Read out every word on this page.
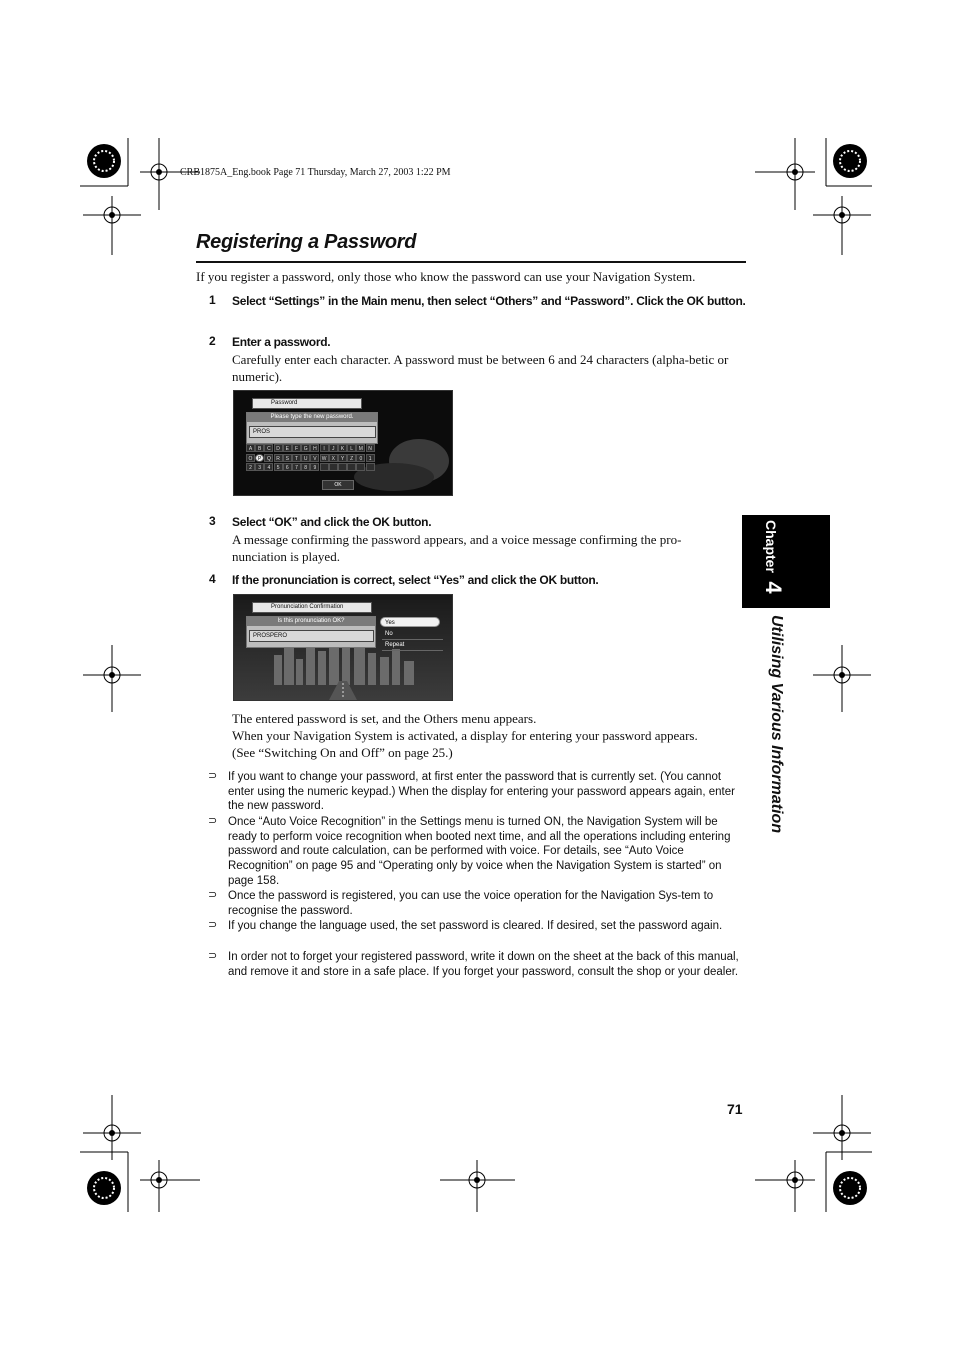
CRB1875A_Eng.book Page 71 Thursday, March 27, 2003 1:22 PM
Registering a Password
If you register a password, only those who know the password can use your Navigation System.
1 Select “Settings” in the Main menu, then select “Others” and “Password”. Click the OK button.
2 Enter a password.
Carefully enter each character. A password must be between 6 and 24 characters (alpha-betic or numeric).
Password
Please type the new password.
PROS
A	B	C	D	E	F	G	H	I	J	K	L	M	N
O	P	Q	R	S	T	U	V	W	X	Y	Z	0	1
2	3	4	5	6	7	8	9
OK
3 Select “OK” and click the OK button.
A message confirming the password appears, and a voice message confirming the pro-nunciation is played.
4 If the pronunciation is correct, select “Yes” and click the OK button.
Pronunciation Confirmation
Is this pronunciation OK?
PROSPERO
Yes
No
Repeat
The entered password is set, and the Others menu appears.
When your Navigation System is activated, a display for entering your password appears.
(See “Switching On and Off” on page 25.)
⊃ If you want to change your password, at first enter the password that is currently set. (You cannot enter using the numeric keypad.) When the display for entering your password appears again, enter the new password.
⊃ Once “Auto Voice Recognition” in the Settings menu is turned ON, the Navigation System will be ready to perform voice recognition when booted next time, and all the operations including entering password and route calculation, can be performed with voice. For details, see “Auto Voice Recognition” on page 95 and “Operating only by voice when the Navigation System is started” on page 158.
⊃ Once the password is registered, you can use the voice operation for the Navigation Sys-tem to recognise the password.
⊃ If you change the language used, the set password is cleared. If desired, set the password again.
⊃ In order not to forget your registered password, write it down on the sheet at the back of this manual, and remove it and store in a safe place. If you forget your password, consult the shop or your dealer.
Chapter 4
Utilising Various Information
71
